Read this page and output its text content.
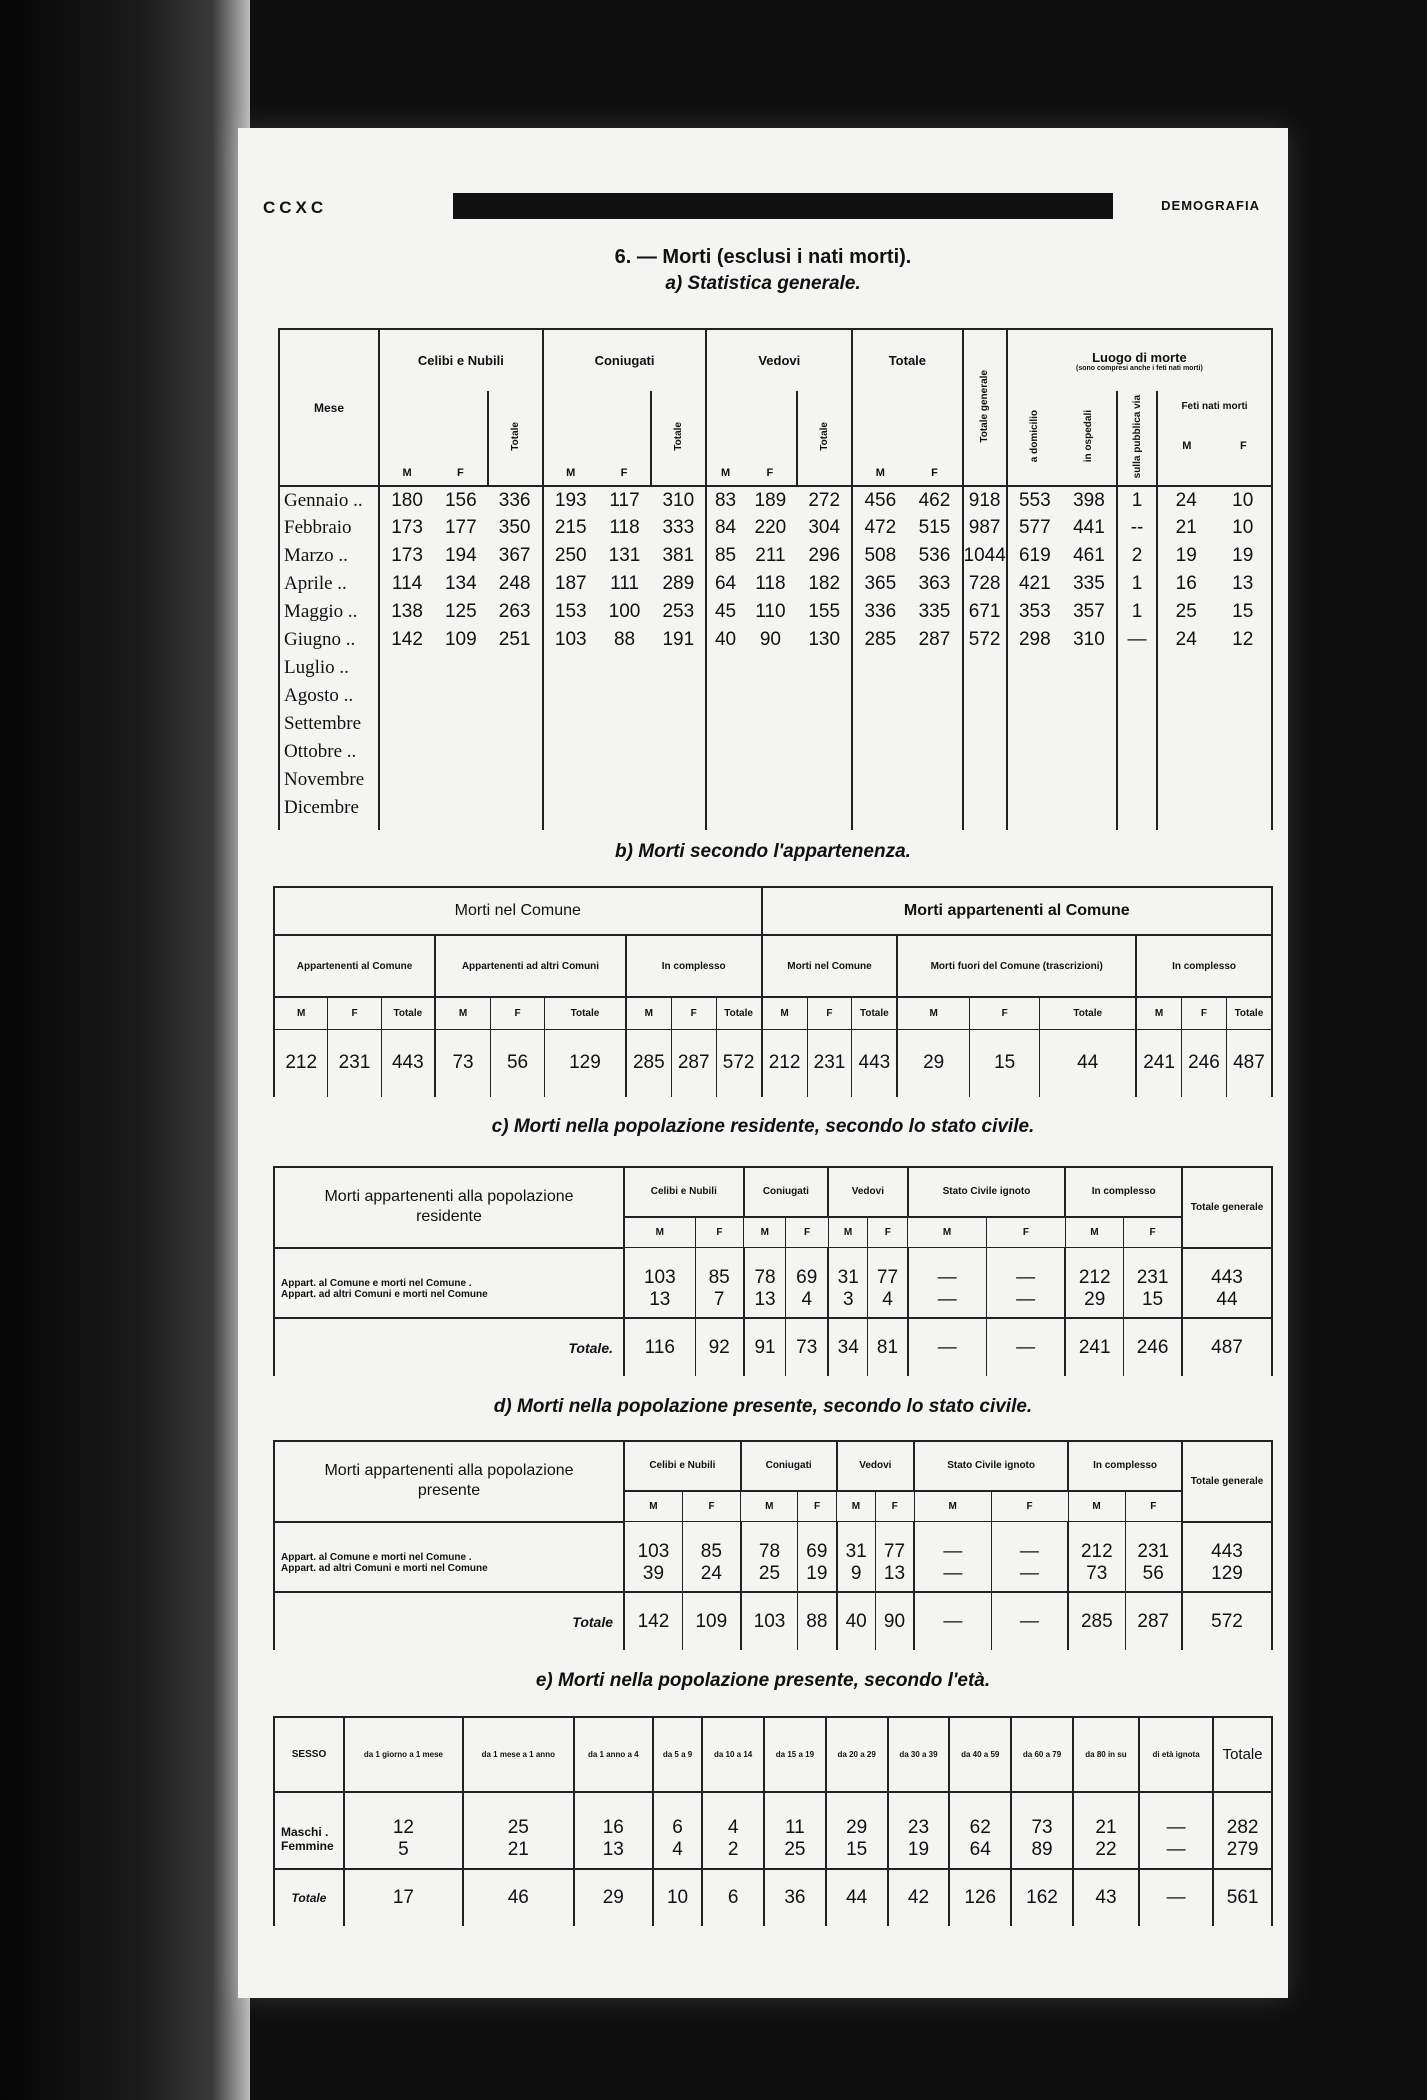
CCXC	DEMOGRAFIA
6. — Morti (esclusi i nati morti).
a) Statistica generale.
Mese	Celibi e Nubili			Coniugati			Vedovi			Totale		Totale generale	Luogo di morte
(sono compresi anche i feti nati morti)				

	M	F	Totale	M	F	Totale	M	F	Totale	M	F		a domicilio	in ospedali	sulla pubblica via	Feti nati morti
M F	

Gennaio ..	180	156	336	193	117	310	83	189	272	456	462	918	553	398	1	24	10
Febbraio	173	177	350	215	118	333	84	220	304	472	515	987	577	441	--	21	10
Marzo ..	173	194	367	250	131	381	85	211	296	508	536	1044	619	461	2	19	19
Aprile ..	114	134	248	187	111	289	64	118	182	365	363	728	421	335	1	16	13
Maggio ..	138	125	263	153	100	253	45	110	155	336	335	671	353	357	1	25	15
Giugno ..	142	109	251	103	88	191	40	90	130	285	287	572	298	310	—	24	12
Luglio ..																	
Agosto ..																	
Settembre																	
Ottobre ..																	
Novembre																	
Dicembre																	

b) Morti secondo l'appartenenza.
Morti nel Comune									Morti appartenenti al Comune								
Appartenenti al Comune			Appartenenti ad altri Comuni			In complesso			Morti nel Comune			Morti fuori del Comune (trascrizioni)			In complesso		
M	F	Totale	M	F	Totale	M	F	Totale	M	F	Totale	M	F	Totale	M	F	Totale
212	231	443	73	56	129	285	287	572	212	231	443	29	15	44	241	246	487
c) Morti nella popolazione residente, secondo lo stato civile.
Morti appartenenti alla popolazione residente	Celibi e Nubili		Coniugati		Vedovi		Stato Civile ignoto		In complesso		Totale generale
	M	F	M	F	M	F	M	F	M	F	
Appart. al Comune e morti nel Comune .	103	85	78	69	31	77	—	—	212	231	443
Appart. ad altri Comuni e morti nel Comune	13	7	13	4	3	4	—	—	29	15	44
Totale.	116	92	91	73	34	81	—	—	241	246	487
d) Morti nella popolazione presente, secondo lo stato civile.
Morti appartenenti alla popolazione presente	Celibi e Nubili		Coniugati		Vedovi		Stato Civile ignoto		In complesso		Totale generale
	M	F	M	F	M	F	M	F	M	F	
Appart. al Comune e morti nel Comune .	103	85	78	69	31	77	—	—	212	231	443
Appart. ad altri Comuni e morti nel Comune	39	24	25	19	9	13	—	—	73	56	129
Totale	142	109	103	88	40	90	—	—	285	287	572
e) Morti nella popolazione presente, secondo l'età.
SESSO	da 1 giorno a 1 mese	da 1 mese a 1 anno	da 1 anno a 4	da 5 a 9	da 10 a 14	da 15 a 19	da 20 a 29	da 30 a 39	da 40 a 59	da 60 a 79	da 80 in su	di età ignota	Totale
Maschi .	12	25	16	6	4	11	29	23	62	73	21	—	282
Femmine	5	21	13	4	2	25	15	19	64	89	22	—	279
Totale	17	46	29	10	6	36	44	42	126	162	43	—	561
